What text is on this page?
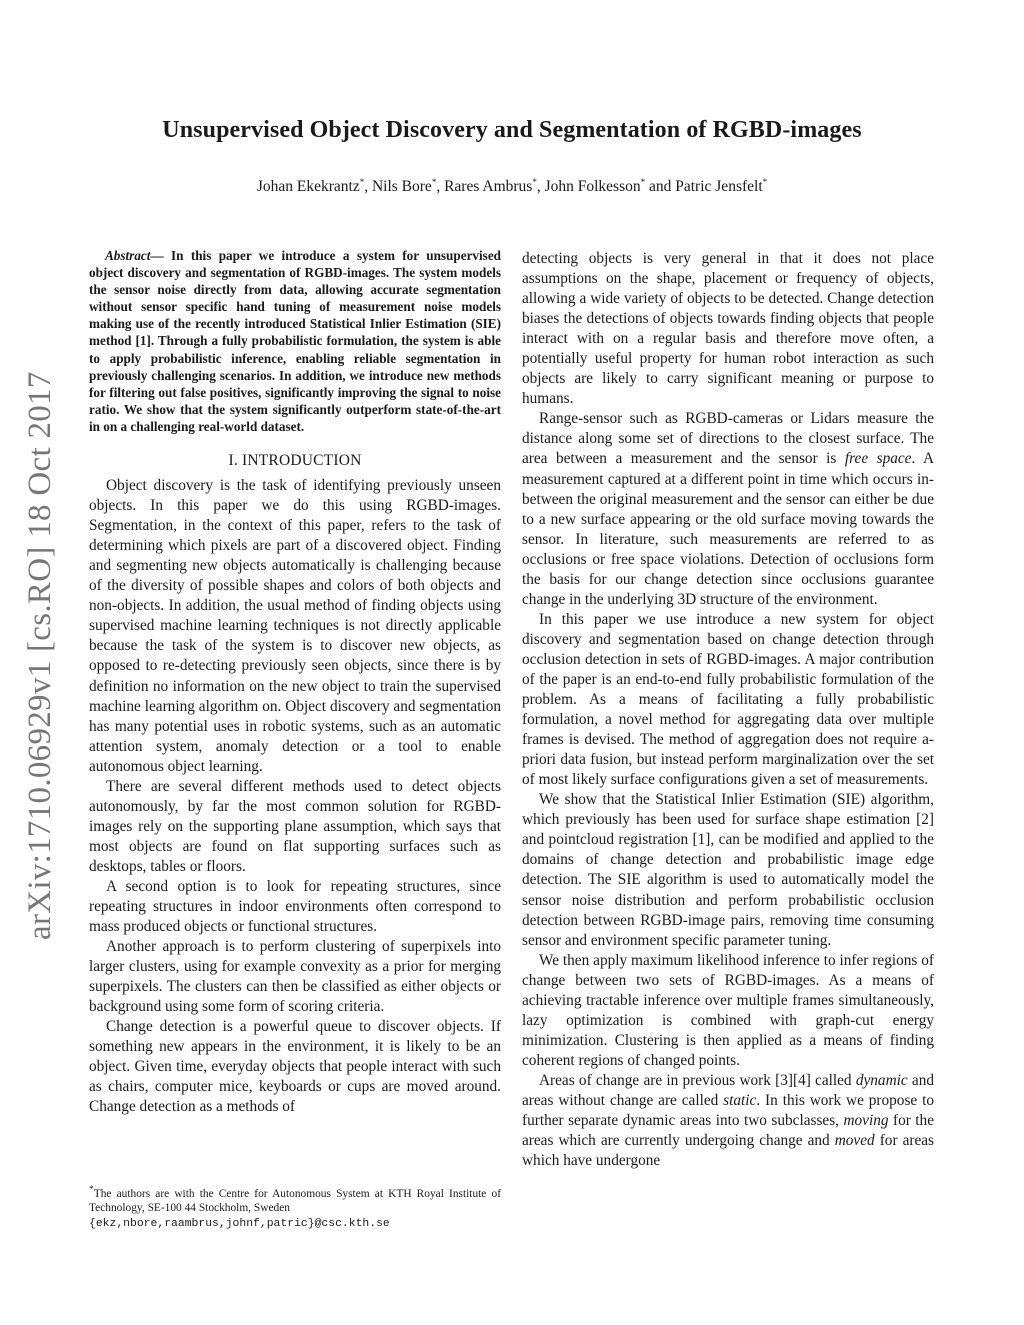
arXiv:1710.06929v1 [cs.RO] 18 Oct 2017
Unsupervised Object Discovery and Segmentation of RGBD-images
Johan Ekekrantz*, Nils Bore*, Rares Ambrus*, John Folkesson* and Patric Jensfelt*

Abstract— In this paper we introduce a system for unsupervised object discovery and segmentation of RGBD-images. The system models the sensor noise directly from data, allowing accurate segmentation without sensor specific hand tuning of measurement noise models making use of the recently introduced Statistical Inlier Estimation (SIE) method [1]. Through a fully probabilistic formulation, the system is able to apply probabilistic inference, enabling reliable segmentation in previously challenging scenarios. In addition, we introduce new methods for filtering out false positives, significantly improving the signal to noise ratio. We show that the system significantly outperform state-of-the-art in on a challenging real-world dataset.

I. INTRODUCTION

Object discovery is the task of identifying previously unseen objects. In this paper we do this using RGBD-images. Segmentation, in the context of this paper, refers to the task of determining which pixels are part of a discovered object. Finding and segmenting new objects automatically is challenging because of the diversity of possible shapes and colors of both objects and non-objects. In addition, the usual method of finding objects using supervised machine learning techniques is not directly applicable because the task of the system is to discover new objects, as opposed to re-detecting previously seen objects, since there is by definition no information on the new object to train the supervised machine learning algorithm on. Object discovery and segmentation has many potential uses in robotic systems, such as an automatic attention system, anomaly detection or a tool to enable autonomous object learning.

There are several different methods used to detect objects autonomously, by far the most common solution for RGBD-images rely on the supporting plane assumption, which says that most objects are found on flat supporting surfaces such as desktops, tables or floors.

A second option is to look for repeating structures, since repeating structures in indoor environments often correspond to mass produced objects or functional structures.

Another approach is to perform clustering of superpixels into larger clusters, using for example convexity as a prior for merging superpixels. The clusters can then be classified as either objects or background using some form of scoring criteria.

Change detection is a powerful queue to discover objects. If something new appears in the environment, it is likely to be an object. Given time, everyday objects that people interact with such as chairs, computer mice, keyboards or cups are moved around. Change detection as a methods of

*The authors are with the Centre for Autonomous System at KTH Royal Institute of Technology, SE-100 44 Stockholm, Sweden
{ekz,nbore,raambrus,johnf,patric}@csc.kth.se

detecting objects is very general in that it does not place assumptions on the shape, placement or frequency of objects, allowing a wide variety of objects to be detected. Change detection biases the detections of objects towards finding objects that people interact with on a regular basis and therefore move often, a potentially useful property for human robot interaction as such objects are likely to carry significant meaning or purpose to humans.

Range-sensor such as RGBD-cameras or Lidars measure the distance along some set of directions to the closest surface. The area between a measurement and the sensor is free space. A measurement captured at a different point in time which occurs in-between the original measurement and the sensor can either be due to a new surface appearing or the old surface moving towards the sensor. In literature, such measurements are referred to as occlusions or free space violations. Detection of occlusions form the basis for our change detection since occlusions guarantee change in the underlying 3D structure of the environment.

In this paper we use introduce a new system for object discovery and segmentation based on change detection through occlusion detection in sets of RGBD-images. A major contribution of the paper is an end-to-end fully probabilistic formulation of the problem. As a means of facilitating a fully probabilistic formulation, a novel method for aggregating data over multiple frames is devised. The method of aggregation does not require a-priori data fusion, but instead perform marginalization over the set of most likely surface configurations given a set of measurements.

We show that the Statistical Inlier Estimation (SIE) algorithm, which previously has been used for surface shape estimation [2] and pointcloud registration [1], can be modified and applied to the domains of change detection and probabilistic image edge detection. The SIE algorithm is used to automatically model the sensor noise distribution and perform probabilistic occlusion detection between RGBD-image pairs, removing time consuming sensor and environment specific parameter tuning.

We then apply maximum likelihood inference to infer regions of change between two sets of RGBD-images. As a means of achieving tractable inference over multiple frames simultaneously, lazy optimization is combined with graph-cut energy minimization. Clustering is then applied as a means of finding coherent regions of changed points.

Areas of change are in previous work [3][4] called dynamic and areas without change are called static. In this work we propose to further separate dynamic areas into two subclasses, moving for the areas which are currently undergoing change and moved for areas which have undergone
